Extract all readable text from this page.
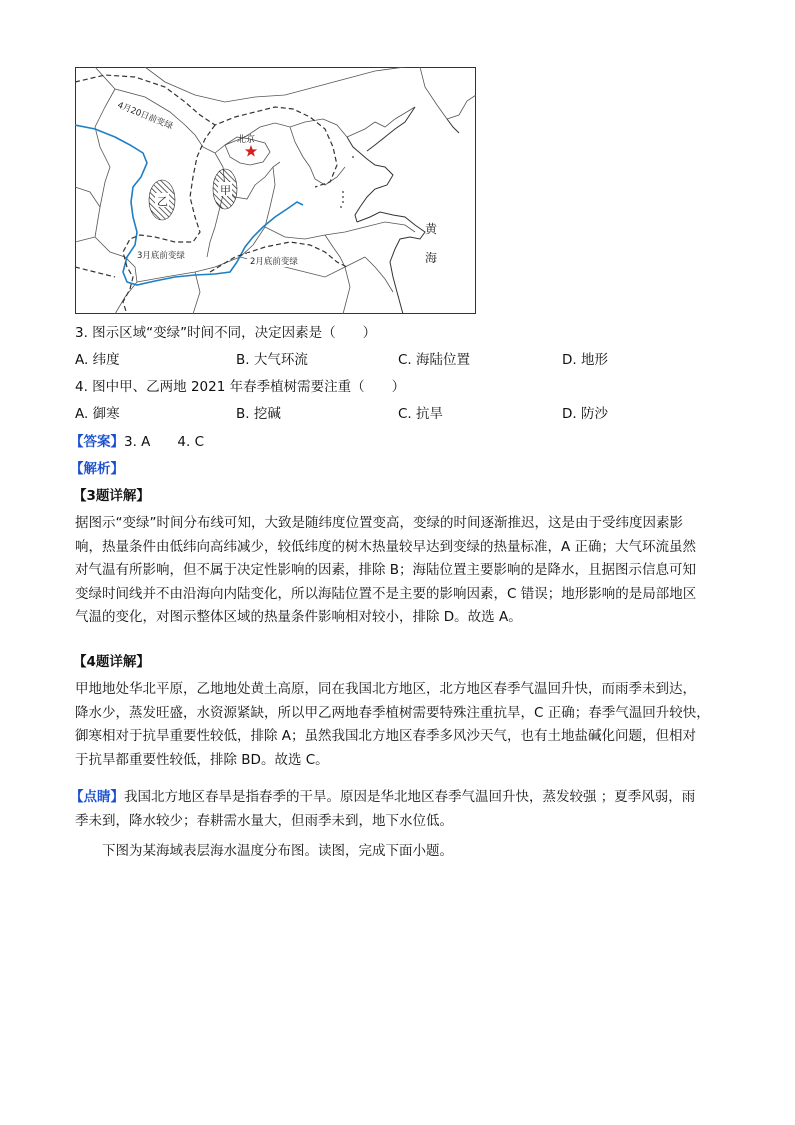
4月20日前变绿
北京
乙
甲
3月底前变绿
2月底前变绿
黄
海
3. 图示区域“变绿”时间不同，决定因素是（　　）
A. 纬度	B. 大气环流	C. 海陆位置	D. 地形
4. 图中甲、乙两地 2021 年春季植树需要注重（　　）
A. 御寒	B. 挖碱	C. 抗旱	D. 防沙
【答案】3. A　　4. C
【解析】
【3题详解】
据图示“变绿”时间分布线可知，大致是随纬度位置变高，变绿的时间逐渐推迟，这是由于受纬度因素影
响，热量条件由低纬向高纬减少，较低纬度的树木热量较早达到变绿的热量标准，A 正确；大气环流虽然
对气温有所影响，但不属于决定性影响的因素，排除 B；海陆位置主要影响的是降水，且据图示信息可知
变绿时间线并不由沿海向内陆变化，所以海陆位置不是主要的影响因素，C 错误；地形影响的是局部地区
气温的变化，对图示整体区域的热量条件影响相对较小，排除 D。故选 A。
【4题详解】
甲地地处华北平原，乙地地处黄土高原，同在我国北方地区，北方地区春季气温回升快，而雨季未到达，
降水少，蒸发旺盛，水资源紧缺，所以甲乙两地春季植树需要特殊注重抗旱，C 正确；春季气温回升较快，
御寒相对于抗旱重要性较低，排除 A；虽然我国北方地区春季多风沙天气，也有土地盐碱化问题，但相对
于抗旱都重要性较低，排除 BD。故选 C。
【点睛】我国北方地区春旱是指春季的干旱。原因是华北地区春季气温回升快，蒸发较强 ；夏季风弱，雨
季未到，降水较少；春耕需水量大，但雨季未到，地下水位低。
下图为某海域表层海水温度分布图。读图，完成下面小题。
